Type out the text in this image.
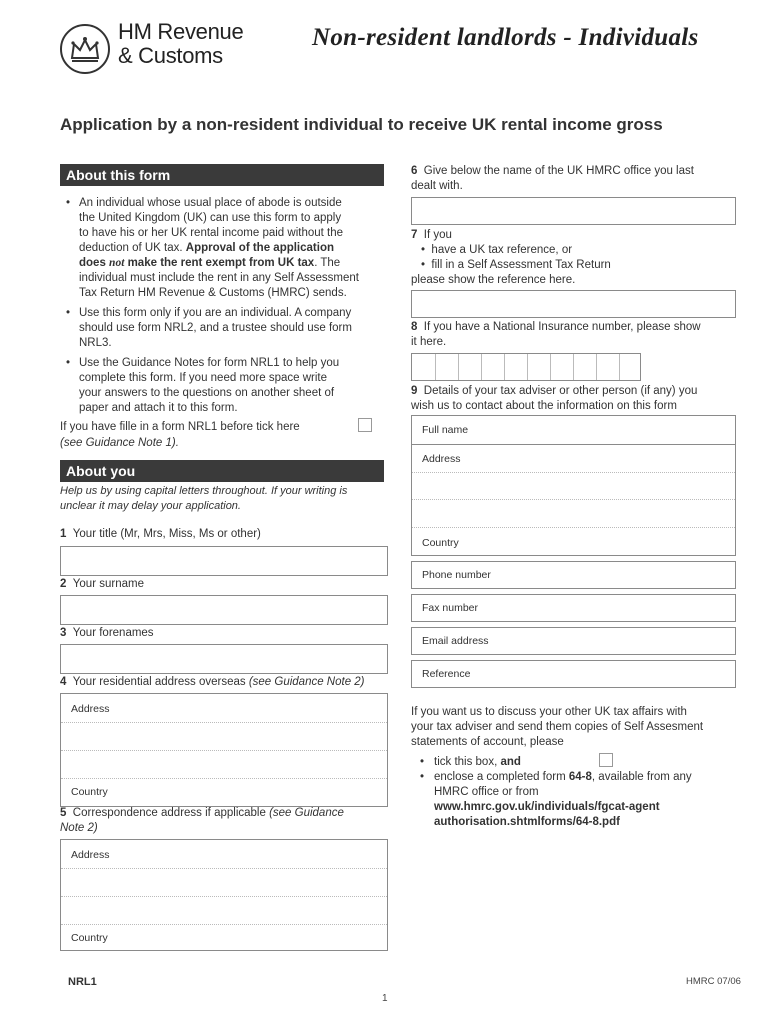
HM Revenue
& Customs
Non-resident landlords - Individuals
Application by a non-resident individual to receive UK rental income gross
About this form
• An individual whose usual place of abode is outside
the United Kingdom (UK) can use this form to apply
to have his or her UK rental income paid without the
deduction of UK tax. Approval of the application
does not make the rent exempt from UK tax. The
individual must include the rent in any Self Assessment
Tax Return HM Revenue & Customs (HMRC) sends.
• Use this form only if you are an individual. A company
should use form NRL2, and a trustee should use form
NRL3.
• Use the Guidance Notes for form NRL1 to help you
complete this form. If you need more space write
your answers to the questions on another sheet of
paper and attach it to this form.
If you have fille in a form NRL1 before tick here
(see Guidance Note 1).
About you
Help us by using capital letters throughout. If your writing is
unclear it may delay your application.
1 Your title (Mr, Mrs, Miss, Ms or other)
2 Your surname
3 Your forenames
4 Your residential address overseas (see Guidance Note 2)
Address
Country
5 Correspondence address if applicable (see Guidance
Note 2)
Address
Country
6 Give below the name of the UK HMRC office you last
dealt with.
7 If you
• have a UK tax reference, or
• fill in a Self Assessment Tax Return
please show the reference here.
8 If you have a National Insurance number, please show
it here.
9 Details of your tax adviser or other person (if any) you
wish us to contact about the information on this form
Full name
Address
Country
Phone number
Fax number
Email address
Reference
If you want us to discuss your other UK tax affairs with
your tax adviser and send them copies of Self Assesment
statements of account, please
• tick this box, and
• enclose a completed form 64-8, available from any
HMRC office or from
www.hmrc.gov.uk/individuals/fgcat-agent
authorisation.shtmlforms/64-8.pdf
NRL1	HMRC 07/06
1
